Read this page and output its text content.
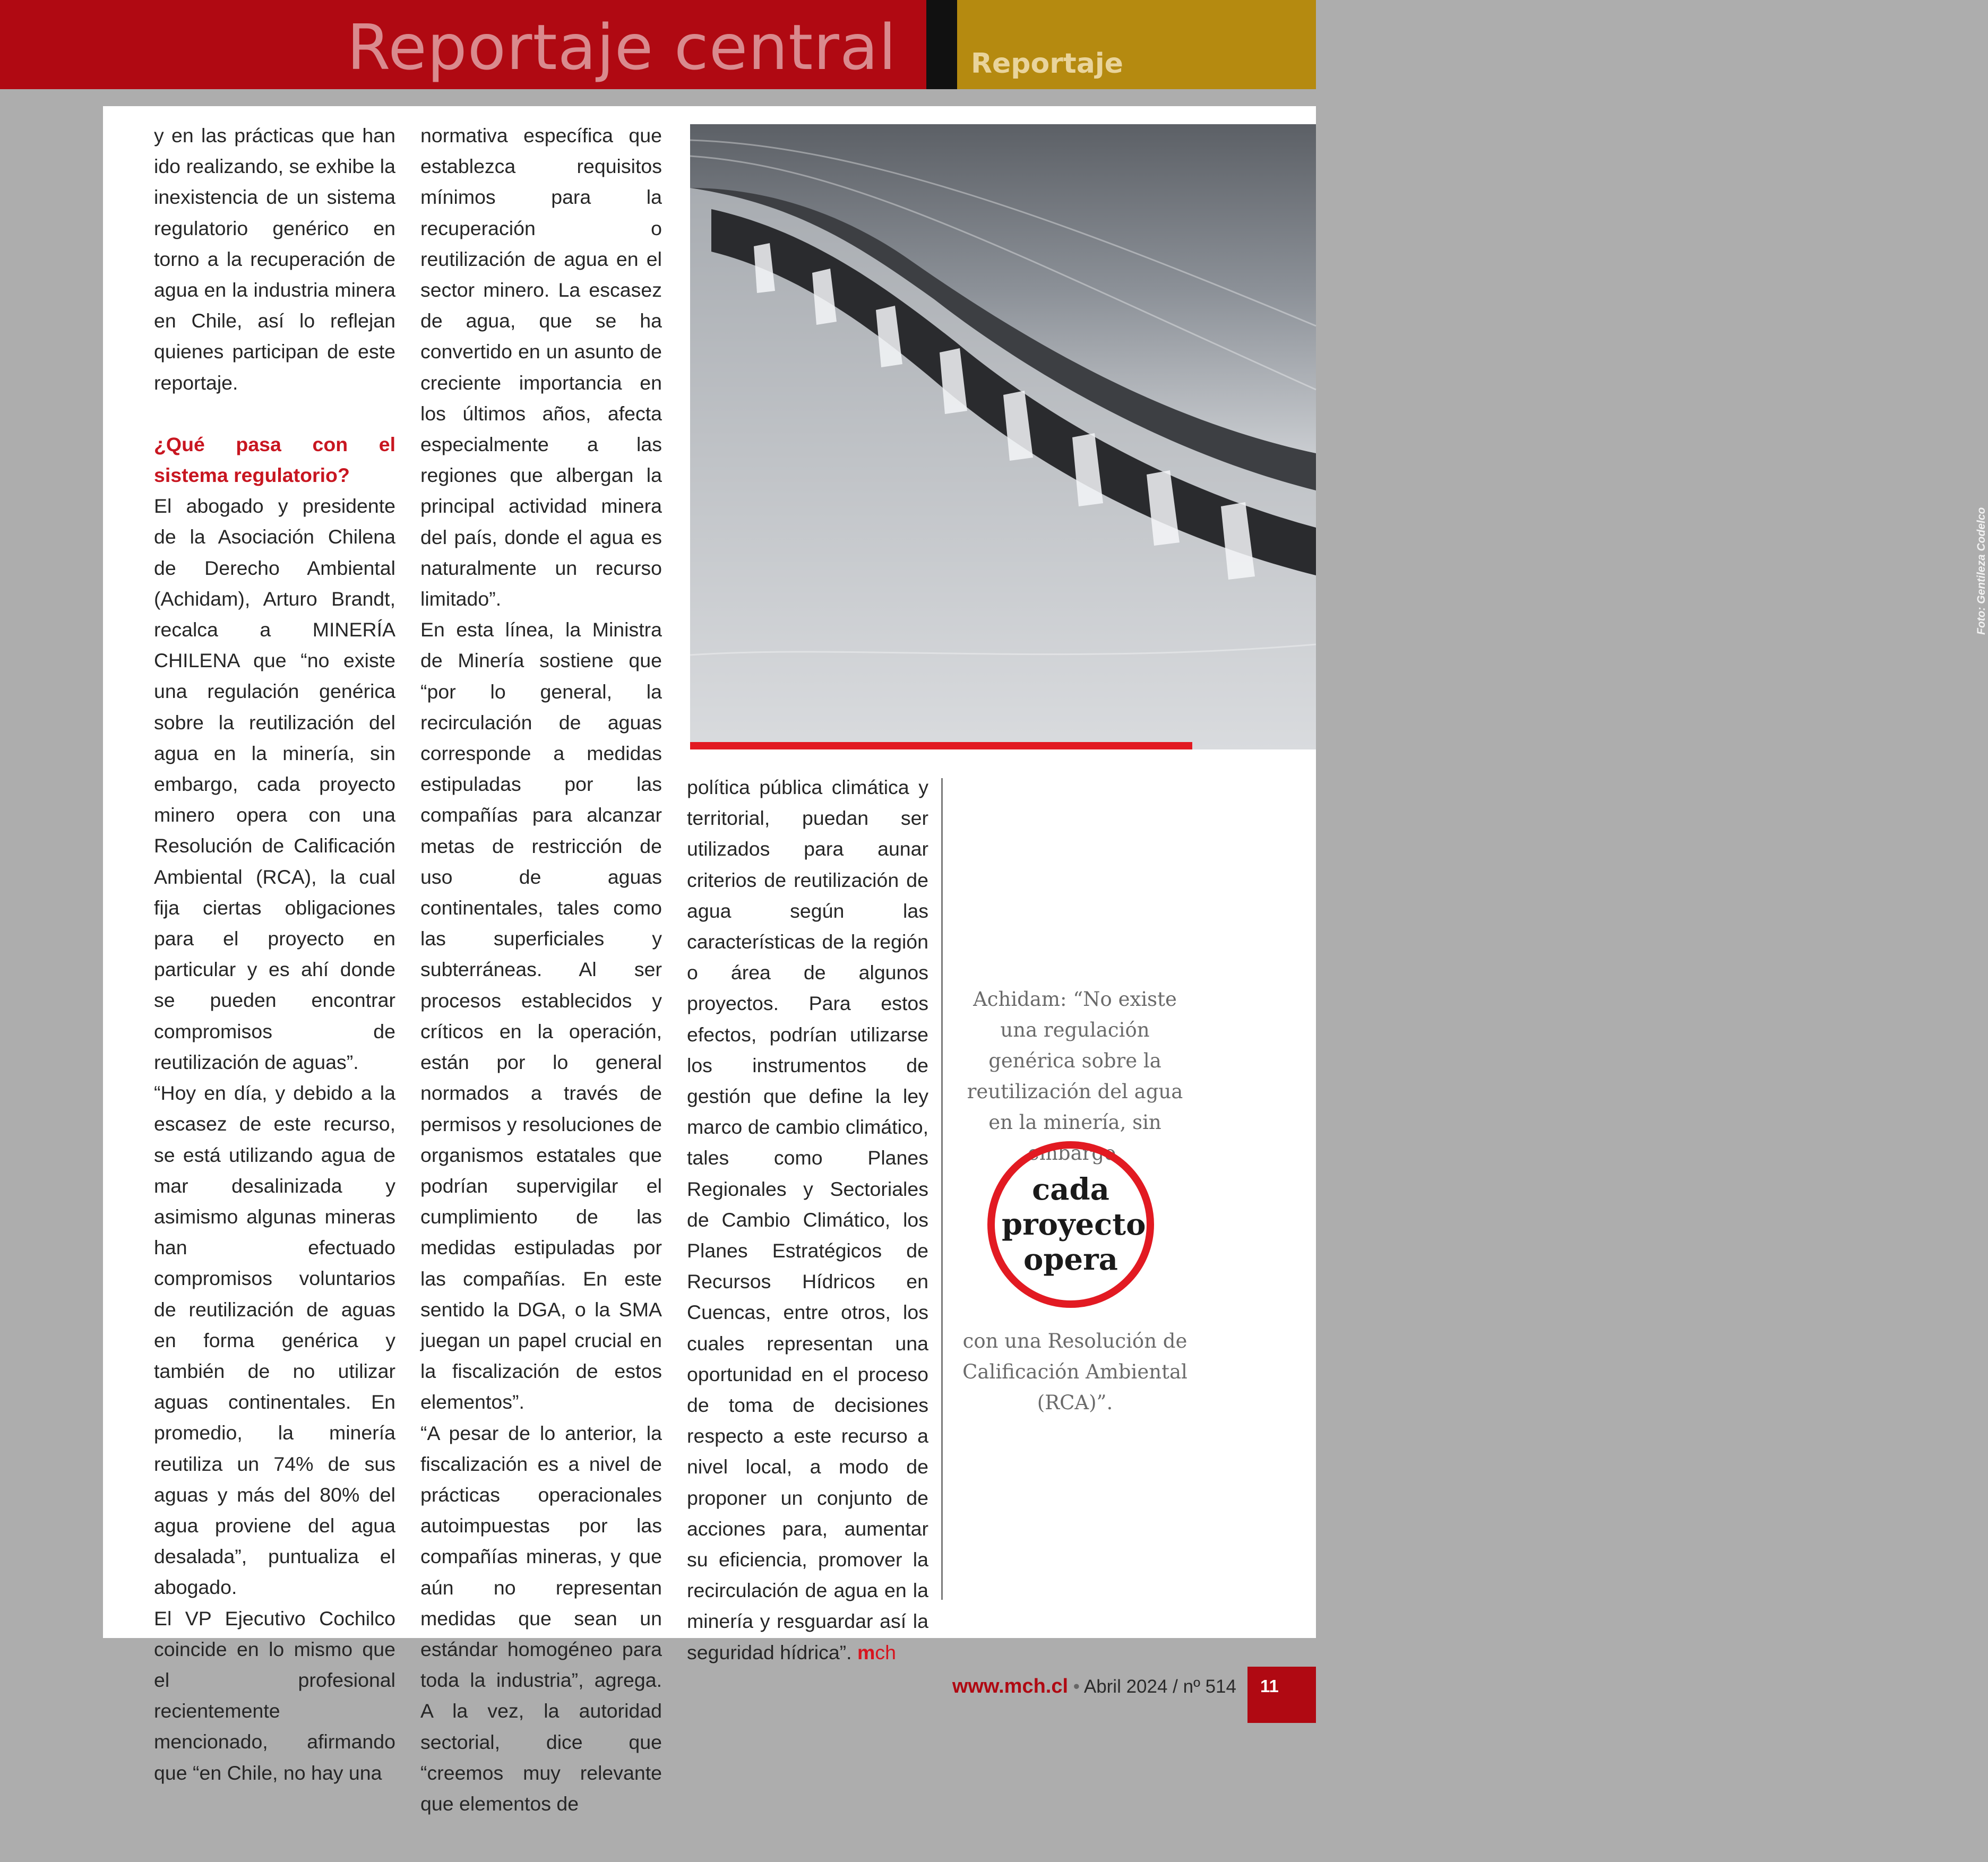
Reportaje central	Reportaje

y en las prácticas que han ido realizando, se exhibe la inexistencia de un sistema regulatorio genérico en torno a la recuperación de agua en la industria minera en Chile, así lo reflejan quienes participan de este reportaje.

¿Qué pasa con el sistema regulatorio?

El abogado y presidente de la Asociación Chilena de Derecho Ambiental (Achidam), Arturo Brandt, recalca a MINERÍA CHILENA que “no existe una regulación genérica sobre la reutilización del agua en la minería, sin embargo, cada proyecto minero opera con una Resolución de Calificación Ambiental (RCA), la cual fija ciertas obligaciones para el proyecto en particular y es ahí donde se pueden encontrar compromisos de reutilización de aguas”.

“Hoy en día, y debido a la escasez de este recurso, se está utilizando agua de mar desalinizada y asimismo algunas mineras han efectuado compromisos voluntarios de reutilización de aguas en forma genérica y también de no utilizar aguas continentales. En promedio, la minería reutiliza un 74% de sus aguas y más del 80% del agua proviene del agua desalada”, puntualiza el abogado.

El VP Ejecutivo Cochilco coincide en lo mismo que el profesional recientemente mencionado, afirmando que “en Chile, no hay una

normativa específica que establezca requisitos mínimos para la recuperación o reutilización de agua en el sector minero. La escasez de agua, que se ha convertido en un asunto de creciente importancia en los últimos años, afecta especialmente a las regiones que albergan la principal actividad minera del país, donde el agua es naturalmente un recurso limitado”.

En esta línea, la Ministra de Minería sostiene que “por lo general, la recirculación de aguas corresponde a medidas estipuladas por las compañías para alcanzar metas de restricción de uso de aguas continentales, tales como las superficiales y subterráneas. Al ser procesos establecidos y críticos en la operación, están por lo general normados a través de permisos y resoluciones de organismos estatales que podrían supervigilar el cumplimiento de las medidas estipuladas por las compañías. En este sentido la DGA, o la SMA juegan un papel crucial en la fiscalización de estos elementos”.

“A pesar de lo anterior, la fiscalización es a nivel de prácticas operacionales autoimpuestas por las compañías mineras, y que aún no representan medidas que sean un estándar homogéneo para toda la industria”, agrega. A la vez, la autoridad sectorial, dice que “creemos muy relevante que elementos de

Foto: Gentileza Codelco

política pública climática y territorial, puedan ser utilizados para aunar criterios de reutilización de agua según las características de la región o área de algunos proyectos. Para estos efectos, podrían utilizarse los instrumentos de gestión que define la ley marco de cambio climático, tales como Planes Regionales y Sectoriales de Cambio Climático, los Planes Estratégicos de Recursos Hídricos en Cuencas, entre otros, los cuales representan una oportunidad en el proceso de toma de decisiones respecto a este recurso a nivel local, a modo de proponer un conjunto de acciones para, aumentar su eficiencia, promover la recirculación de agua en la minería y resguardar así la seguridad hídrica”. mch

Achidam: “No existe una regulación genérica sobre la reutilización del agua en la minería, sin embargo,
cada proyecto opera
con una Resolución de Calificación Ambiental (RCA)”.
www.mch.cl • Abril 2024 / nº 514	11
